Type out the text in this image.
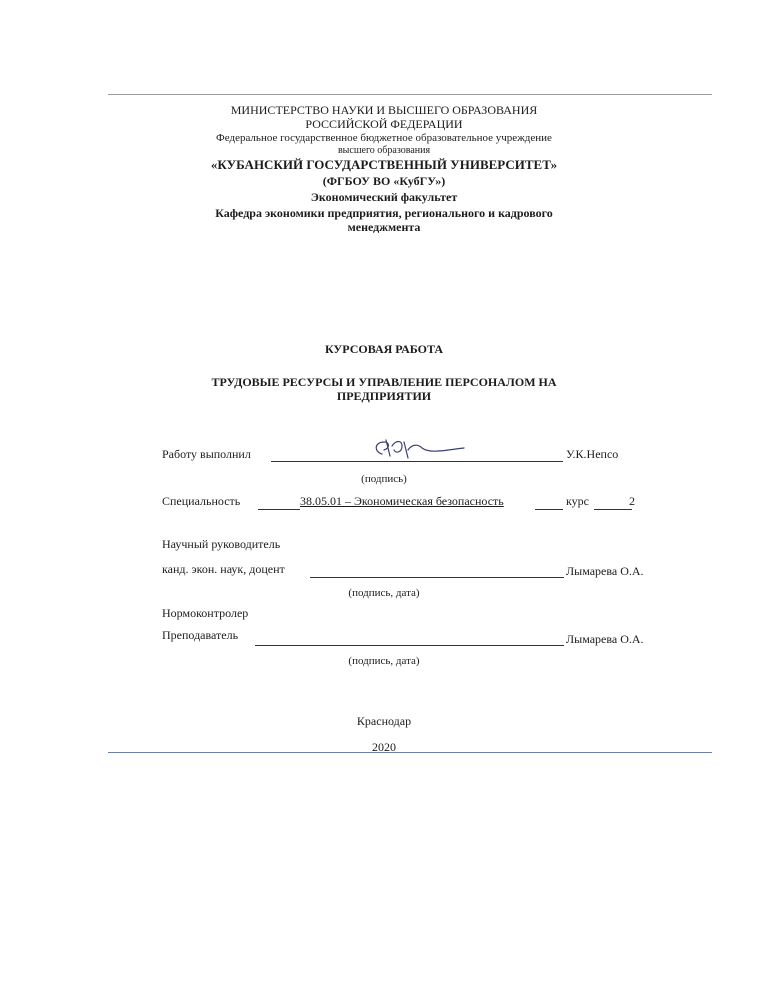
МИНИСТЕРСТВО НАУКИ И ВЫСШЕГО ОБРАЗОВАНИЯ
РОССИЙСКОЙ ФЕДЕРАЦИИ
Федеральное государственное бюджетное образовательное учреждение
высшего образования
«КУБАНСКИЙ ГОСУДАРСТВЕННЫЙ УНИВЕРСИТЕТ»
(ФГБОУ ВО «КубГУ»)
Экономический факультет
Кафедра экономики предприятия, регионального и кадрового
менеджмента
КУРСОВАЯ РАБОТА
ТРУДОВЫЕ РЕСУРСЫ И УПРАВЛЕНИЕ ПЕРСОНАЛОМ НА
ПРЕДПРИЯТИИ
Работу выполнил	У.К.Непсо
(подпись)
Специальность	38.05.01 – Экономическая безопасность	курс	2
Научный руководитель
канд. экон. наук, доцент	Лымарева О.А.
(подпись, дата)
Нормоконтролер
Преподаватель	Лымарева О.А.
(подпись, дата)
Краснодар
2020
